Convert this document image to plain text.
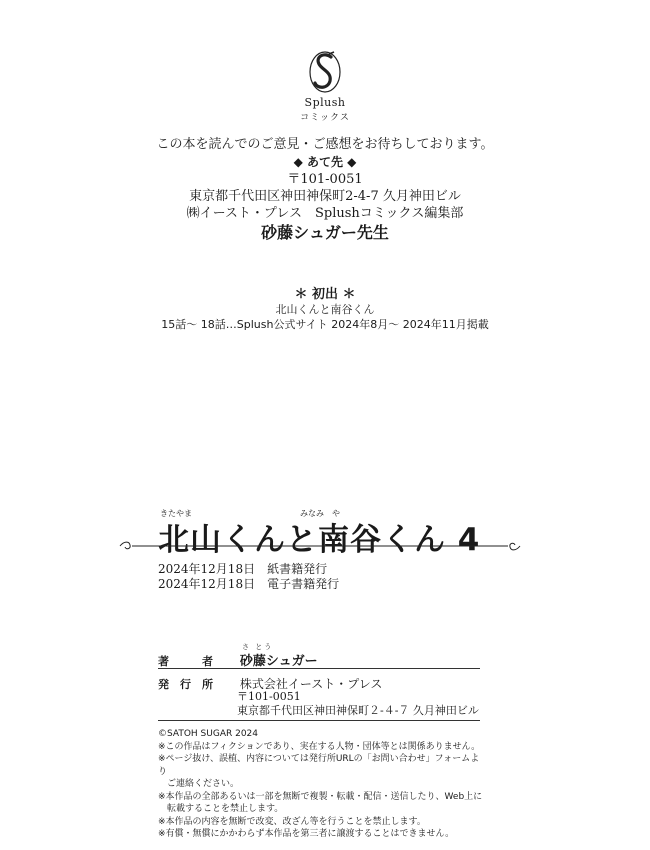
Splush
コミックス
この本を読んでのご意見・ご感想をお待ちしております。
◆ あて先 ◆
〒101-0051
東京都千代田区神田神保町2-4-7 久月神田ビル
㈱イースト・プレス　Splushコミックス編集部
砂藤シュガー先生
＊ 初出 ＊
北山くんと南谷くん
15話～ 18話…Splush公式サイト 2024年8月～ 2024年11月掲載
きたやま	みなみ　や
北山くんと南谷くん 4
2024年12月18日　紙書籍発行
2024年12月18日　電子書籍発行
さ とう
著　　　者 砂藤シュガー
発　行　所 株式会社イースト・プレス
〒101-0051
東京都千代田区神田神保町２-４-７ 久月神田ビル
©SATOH SUGAR 2024
※この作品はフィクションであり、実在する人物・団体等とは関係ありません。
※ページ抜け、誤植、内容については発行所URLの「お問い合わせ」フォームより
ご連絡ください。
※本作品の全部あるいは一部を無断で複製・転載・配信・送信したり、Web上に
転載することを禁止します。
※本作品の内容を無断で改変、改ざん等を行うことを禁止します。
※有償・無償にかかわらず本作品を第三者に譲渡することはできません。
